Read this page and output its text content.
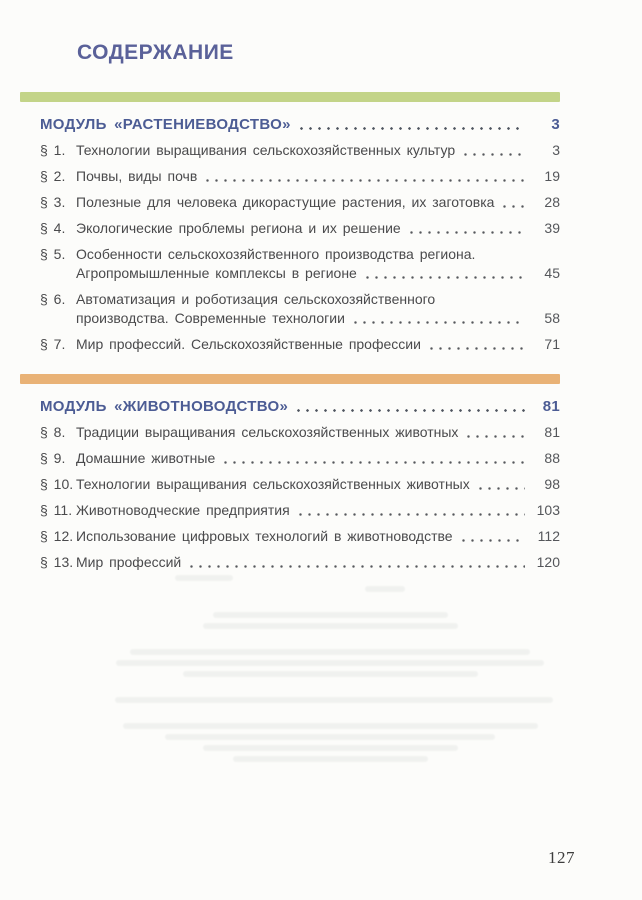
СОДЕРЖАНИЕ
МОДУЛЬ «РАСТЕНИЕВОДСТВО»	3
§ 1. Технологии выращивания сельскохозяйственных культур	3
§ 2. Почвы, виды почв	19
§ 3. Полезные для человека дикорастущие растения, их заготовка	28
§ 4. Экологические проблемы региона и их решение	39
§ 5. Особенности сельскохозяйственного производства региона.
Агропромышленные комплексы в регионе	45
§ 6. Автоматизация и роботизация сельскохозяйственного
производства. Современные технологии	58
§ 7. Мир профессий. Сельскохозяйственные профессии	71
МОДУЛЬ «ЖИВОТНОВОДСТВО»	81
§ 8. Традиции выращивания сельскохозяйственных животных	81
§ 9. Домашние животные	88
§ 10. Технологии выращивания сельскохозяйственных животных	98
§ 11. Животноводческие предприятия	103
§ 12. Использование цифровых технологий в животноводстве	112
§ 13. Мир профессий	120
127
